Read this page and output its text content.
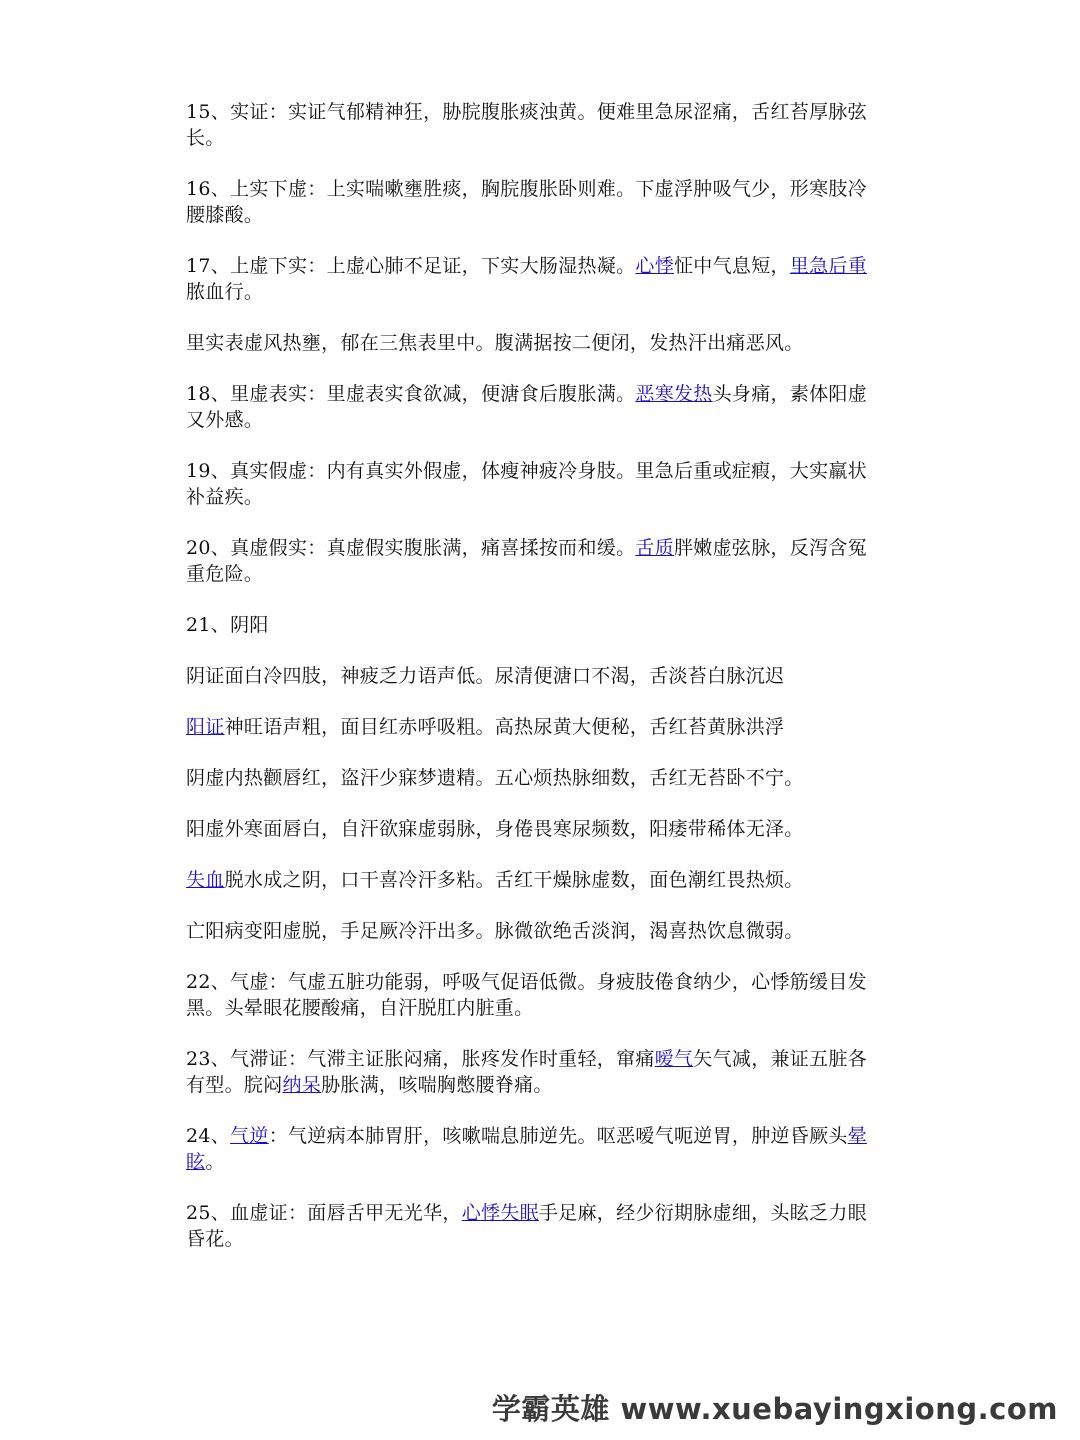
15、实证：实证气郁精神狂，胁脘腹胀痰浊黄。便难里急尿涩痛，舌红苔厚脉弦长。

16、上实下虚：上实喘嗽壅胜痰，胸脘腹胀卧则难。下虚浮肿吸气少，形寒肢冷腰膝酸。

17、上虚下实：上虚心肺不足证，下实大肠湿热凝。心悸怔中气息短，里急后重脓血行。

里实表虚风热壅，郁在三焦表里中。腹满据按二便闭，发热汗出痛恶风。

18、里虚表实：里虚表实食欲减，便溏食后腹胀满。恶寒发热头身痛，素体阳虚又外感。

19、真实假虚：内有真实外假虚，体瘦神疲冷身肢。里急后重或症瘕，大实羸状补益疾。

20、真虚假实：真虚假实腹胀满，痛喜揉按而和缓。舌质胖嫩虚弦脉，反泻含冤重危险。

21、阴阳

阴证面白冷四肢，神疲乏力语声低。尿清便溏口不渴，舌淡苔白脉沉迟

阳证神旺语声粗，面目红赤呼吸粗。高热尿黄大便秘，舌红苔黄脉洪浮

阴虚内热颧唇红，盗汗少寐梦遗精。五心烦热脉细数，舌红无苔卧不宁。

阳虚外寒面唇白，自汗欲寐虚弱脉，身倦畏寒尿频数，阳痿带稀体无泽。

失血脱水成之阴，口干喜冷汗多粘。舌红干燥脉虚数，面色潮红畏热烦。

亡阳病变阳虚脱，手足厥冷汗出多。脉微欲绝舌淡润，渴喜热饮息微弱。

22、气虚：气虚五脏功能弱，呼吸气促语低微。身疲肢倦食纳少，心悸筋缓目发黑。头晕眼花腰酸痛，自汗脱肛内脏重。

23、气滞证：气滞主证胀闷痛，胀疼发作时重轻，窜痛嗳气矢气减，兼证五脏各有型。脘闷纳呆胁胀满，咳喘胸憋腰脊痛。

24、气逆：气逆病本肺胃肝，咳嗽喘息肺逆先。呕恶嗳气呃逆胃，肿逆昏厥头晕眩。

25、血虚证：面唇舌甲无光华，心悸失眠手足麻，经少衍期脉虚细，头眩乏力眼昏花。

学霸英雄 www.xuebayingxiong.com
